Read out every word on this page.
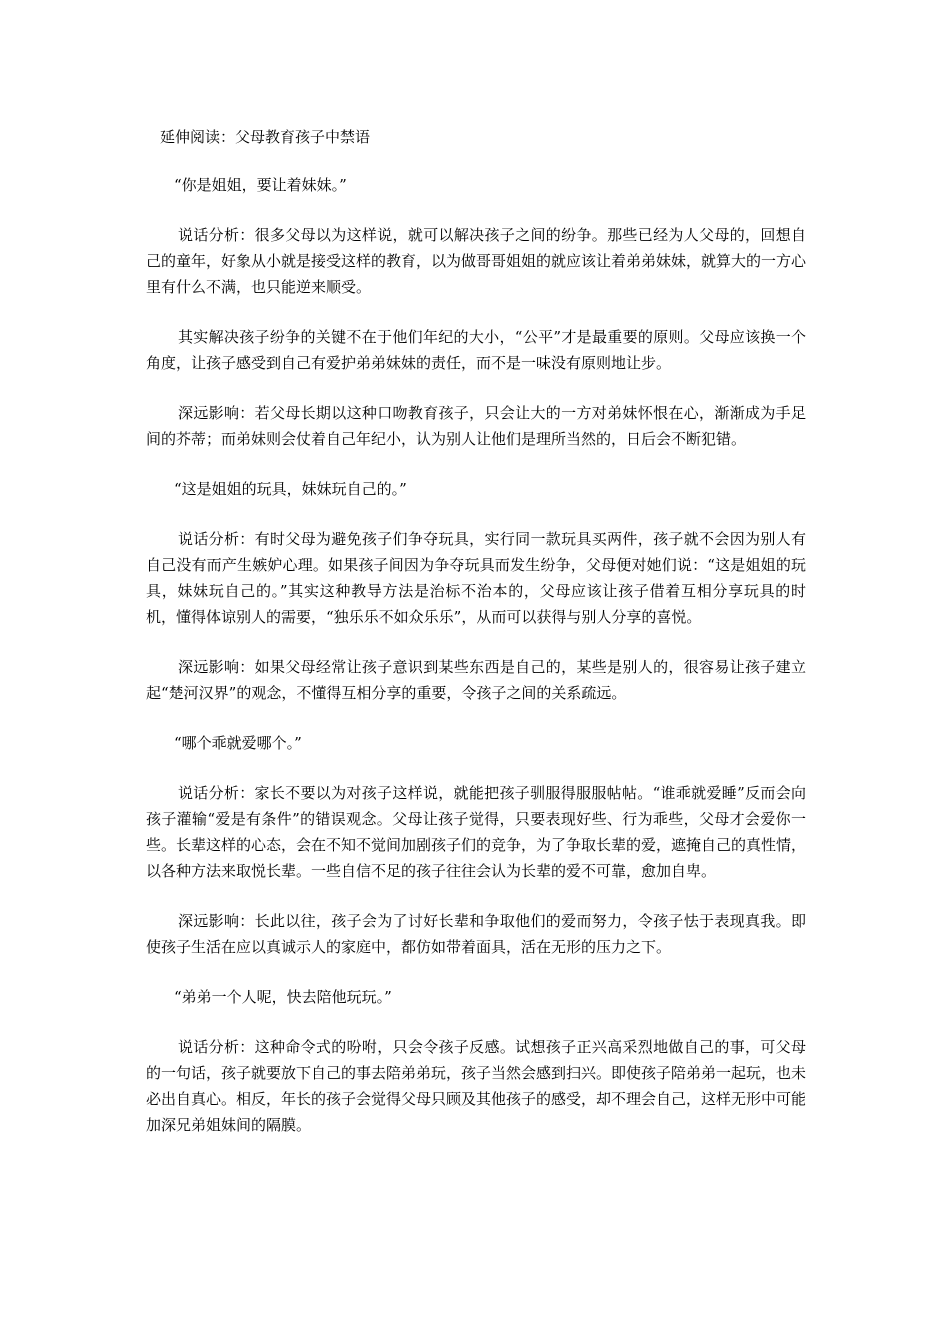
延伸阅读：父母教育孩子中禁语
“你是姐姐，要让着妹妹。”

说话分析：很多父母以为这样说，就可以解决孩子之间的纷争。那些已经为人父母的，回想自己的童年，好象从小就是接受这样的教育，以为做哥哥姐姐的就应该让着弟弟妹妹，就算大的一方心里有什么不满，也只能逆来顺受。

其实解决孩子纷争的关键不在于他们年纪的大小，“公平”才是最重要的原则。父母应该换一个角度，让孩子感受到自己有爱护弟弟妹妹的责任，而不是一味没有原则地让步。

深远影响：若父母长期以这种口吻教育孩子，只会让大的一方对弟妹怀恨在心，渐渐成为手足间的芥蒂；而弟妹则会仗着自己年纪小，认为别人让他们是理所当然的，日后会不断犯错。

“这是姐姐的玩具，妹妹玩自己的。”

说话分析：有时父母为避免孩子们争夺玩具，实行同一款玩具买两件，孩子就不会因为别人有自己没有而产生嫉妒心理。如果孩子间因为争夺玩具而发生纷争，父母便对她们说：“这是姐姐的玩具，妹妹玩自己的。”其实这种教导方法是治标不治本的，父母应该让孩子借着互相分享玩具的时机，懂得体谅别人的需要，“独乐乐不如众乐乐”，从而可以获得与别人分享的喜悦。

深远影响：如果父母经常让孩子意识到某些东西是自己的，某些是别人的，很容易让孩子建立起“楚河汉界”的观念，不懂得互相分享的重要，令孩子之间的关系疏远。

“哪个乖就爱哪个。”

说话分析：家长不要以为对孩子这样说，就能把孩子驯服得服服帖帖。“谁乖就爱睡”反而会向孩子灌输“爱是有条件”的错误观念。父母让孩子觉得，只要表现好些、行为乖些，父母才会爱你一些。长辈这样的心态，会在不知不觉间加剧孩子们的竞争，为了争取长辈的爱，遮掩自己的真性情，以各种方法来取悦长辈。一些自信不足的孩子往往会认为长辈的爱不可靠，愈加自卑。

深远影响：长此以往，孩子会为了讨好长辈和争取他们的爱而努力，令孩子怯于表现真我。即使孩子生活在应以真诚示人的家庭中，都仿如带着面具，活在无形的压力之下。

“弟弟一个人呢，快去陪他玩玩。”

说话分析：这种命令式的吩咐，只会令孩子反感。试想孩子正兴高采烈地做自己的事，可父母的一句话，孩子就要放下自己的事去陪弟弟玩，孩子当然会感到扫兴。即使孩子陪弟弟一起玩，也未必出自真心。相反，年长的孩子会觉得父母只顾及其他孩子的感受，却不理会自己，这样无形中可能加深兄弟姐妹间的隔膜。
